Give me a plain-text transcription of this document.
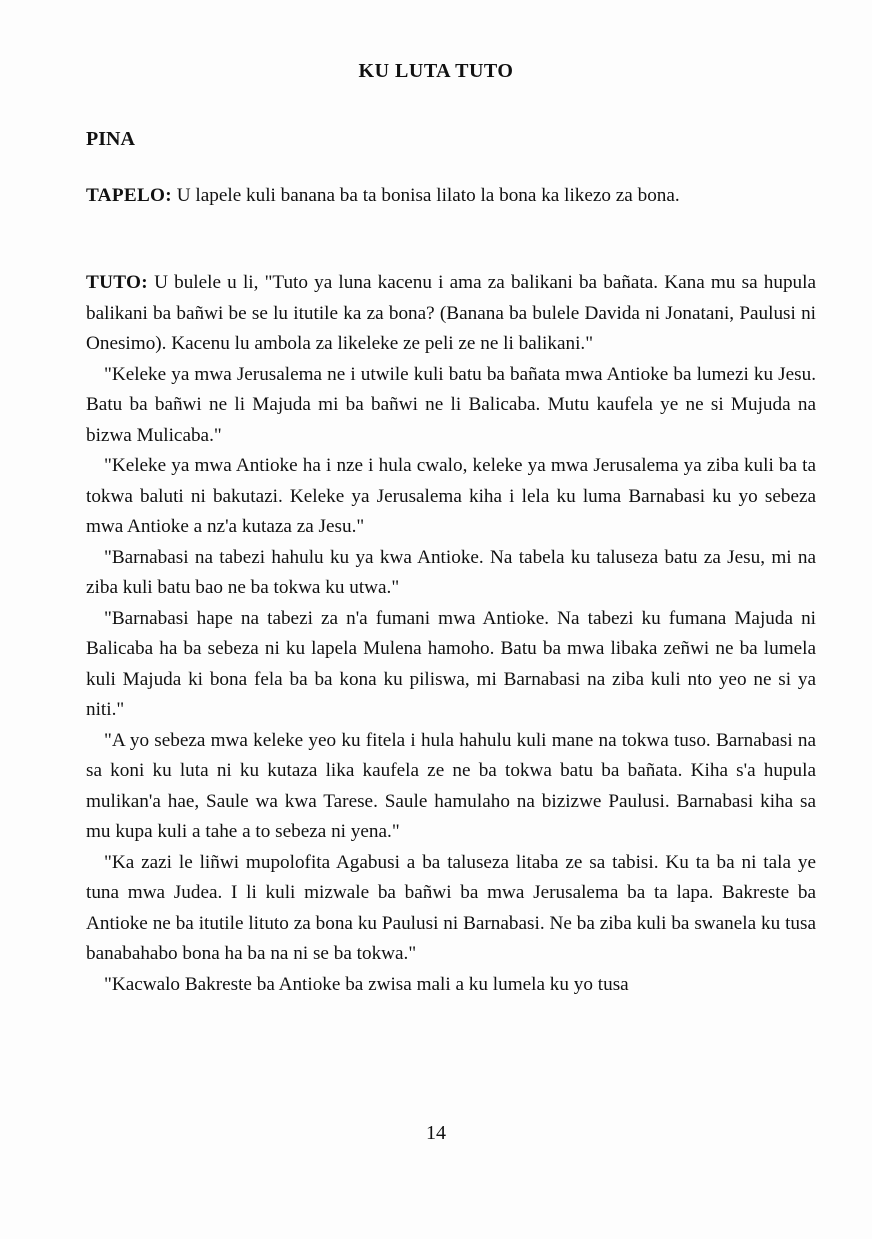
KU LUTA TUTO
PINA

TAPELO: U lapele kuli banana ba ta bonisa lilato la bona ka likezo za bona.

TUTO: U bulele u li, "Tuto ya luna kacenu i ama za balikani ba bañata. Kana mu sa hupula balikani ba bañwi be se lu itutile ka za bona? (Banana ba bulele Davida ni Jonatani, Paulusi ni Onesimo). Kacenu lu ambola za likeleke ze peli ze ne li balikani."

"Keleke ya mwa Jerusalema ne i utwile kuli batu ba bañata mwa Antioke ba lumezi ku Jesu. Batu ba bañwi ne li Majuda mi ba bañwi ne li Balicaba. Mutu kaufela ye ne si Mujuda na bizwa Mulicaba."

"Keleke ya mwa Antioke ha i nze i hula cwalo, keleke ya mwa Jerusalema ya ziba kuli ba ta tokwa baluti ni bakutazi. Keleke ya Jerusalema kiha i lela ku luma Barnabasi ku yo sebeza mwa Antioke a nz'a kutaza za Jesu."

"Barnabasi na tabezi hahulu ku ya kwa Antioke. Na tabela ku taluseza batu za Jesu, mi na ziba kuli batu bao ne ba tokwa ku utwa."

"Barnabasi hape na tabezi za n'a fumani mwa Antioke. Na tabezi ku fumana Majuda ni Balicaba ha ba sebeza ni ku lapela Mulena hamoho. Batu ba mwa libaka zeñwi ne ba lumela kuli Majuda ki bona fela ba ba kona ku piliswa, mi Barnabasi na ziba kuli nto yeo ne si ya niti."

"A yo sebeza mwa keleke yeo ku fitela i hula hahulu kuli mane na tokwa tuso. Barnabasi na sa koni ku luta ni ku kutaza lika kaufela ze ne ba tokwa batu ba bañata. Kiha s'a hupula mulikan'a hae, Saule wa kwa Tarese. Saule hamulaho na bizizwe Paulusi. Barnabasi kiha sa mu kupa kuli a tahe a to sebeza ni yena."

"Ka zazi le liñwi mupolofita Agabusi a ba taluseza litaba ze sa tabisi. Ku ta ba ni tala ye tuna mwa Judea. I li kuli mizwale ba bañwi ba mwa Jerusalema ba ta lapa. Bakreste ba Antioke ne ba itutile lituto za bona ku Paulusi ni Barnabasi. Ne ba ziba kuli ba swanela ku tusa banabahabo bona ha ba na ni se ba tokwa."

"Kacwalo Bakreste ba Antioke ba zwisa mali a ku lumela ku yo tusa

14
